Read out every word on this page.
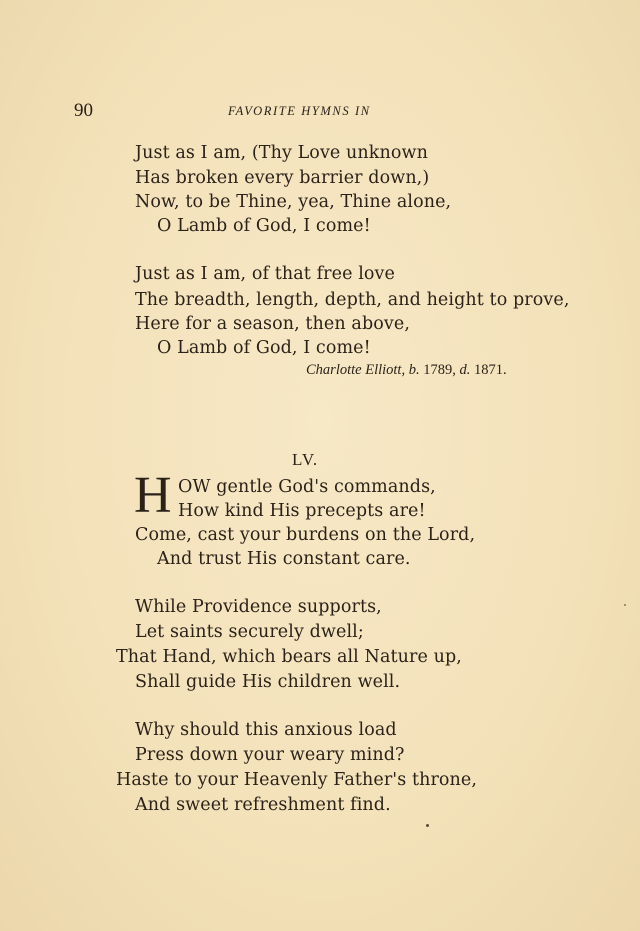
90	FAVORITE HYMNS IN
Just as I am, (Thy Love unknown
Has broken every barrier down,)
Now, to be Thine, yea, Thine alone,
O Lamb of God, I come!
Just as I am, of that free love
The breadth, length, depth, and height to prove,
Here for a season, then above,
O Lamb of God, I come!
Charlotte Elliott, b. 1789, d. 1871.
LV.
H OW gentle God's commands,
How kind His precepts are!
Come, cast your burdens on the Lord,
And trust His constant care.
While Providence supports,
Let saints securely dwell;
That Hand, which bears all Nature up,
Shall guide His children well.
Why should this anxious load
Press down your weary mind?
Haste to your Heavenly Father's throne,
And sweet refreshment find.
